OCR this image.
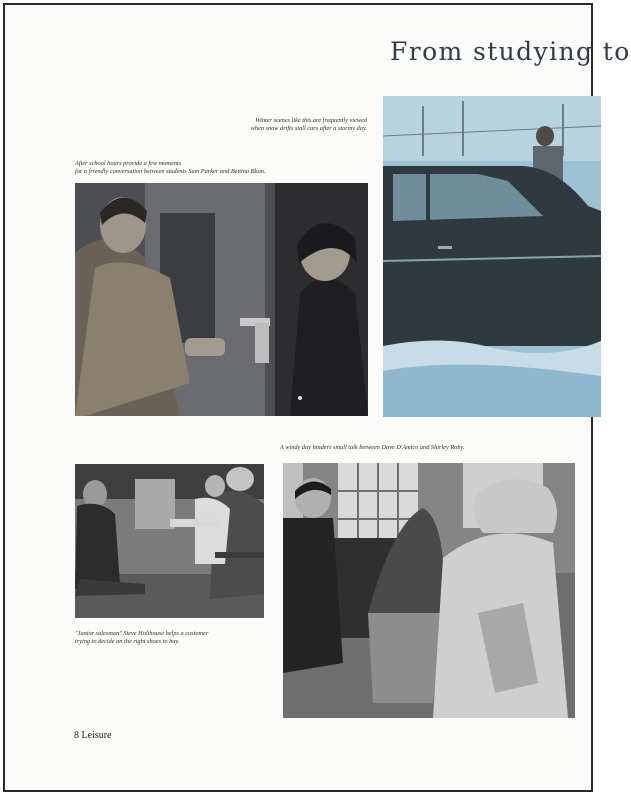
From studying to
Winter scenes like this are frequently viewed
when snow drifts stall cars after a stormy day.
After school hours provide a few moments
for a friendly conversation between students Sam Parker and Bettina Blum.
A windy day hinders small talk between Dave D'Amico and Shirley Roby.
"Junior salesman" Steve Holthouse helps a customer
trying to decide on the right shoes to buy.
8 Leisure
